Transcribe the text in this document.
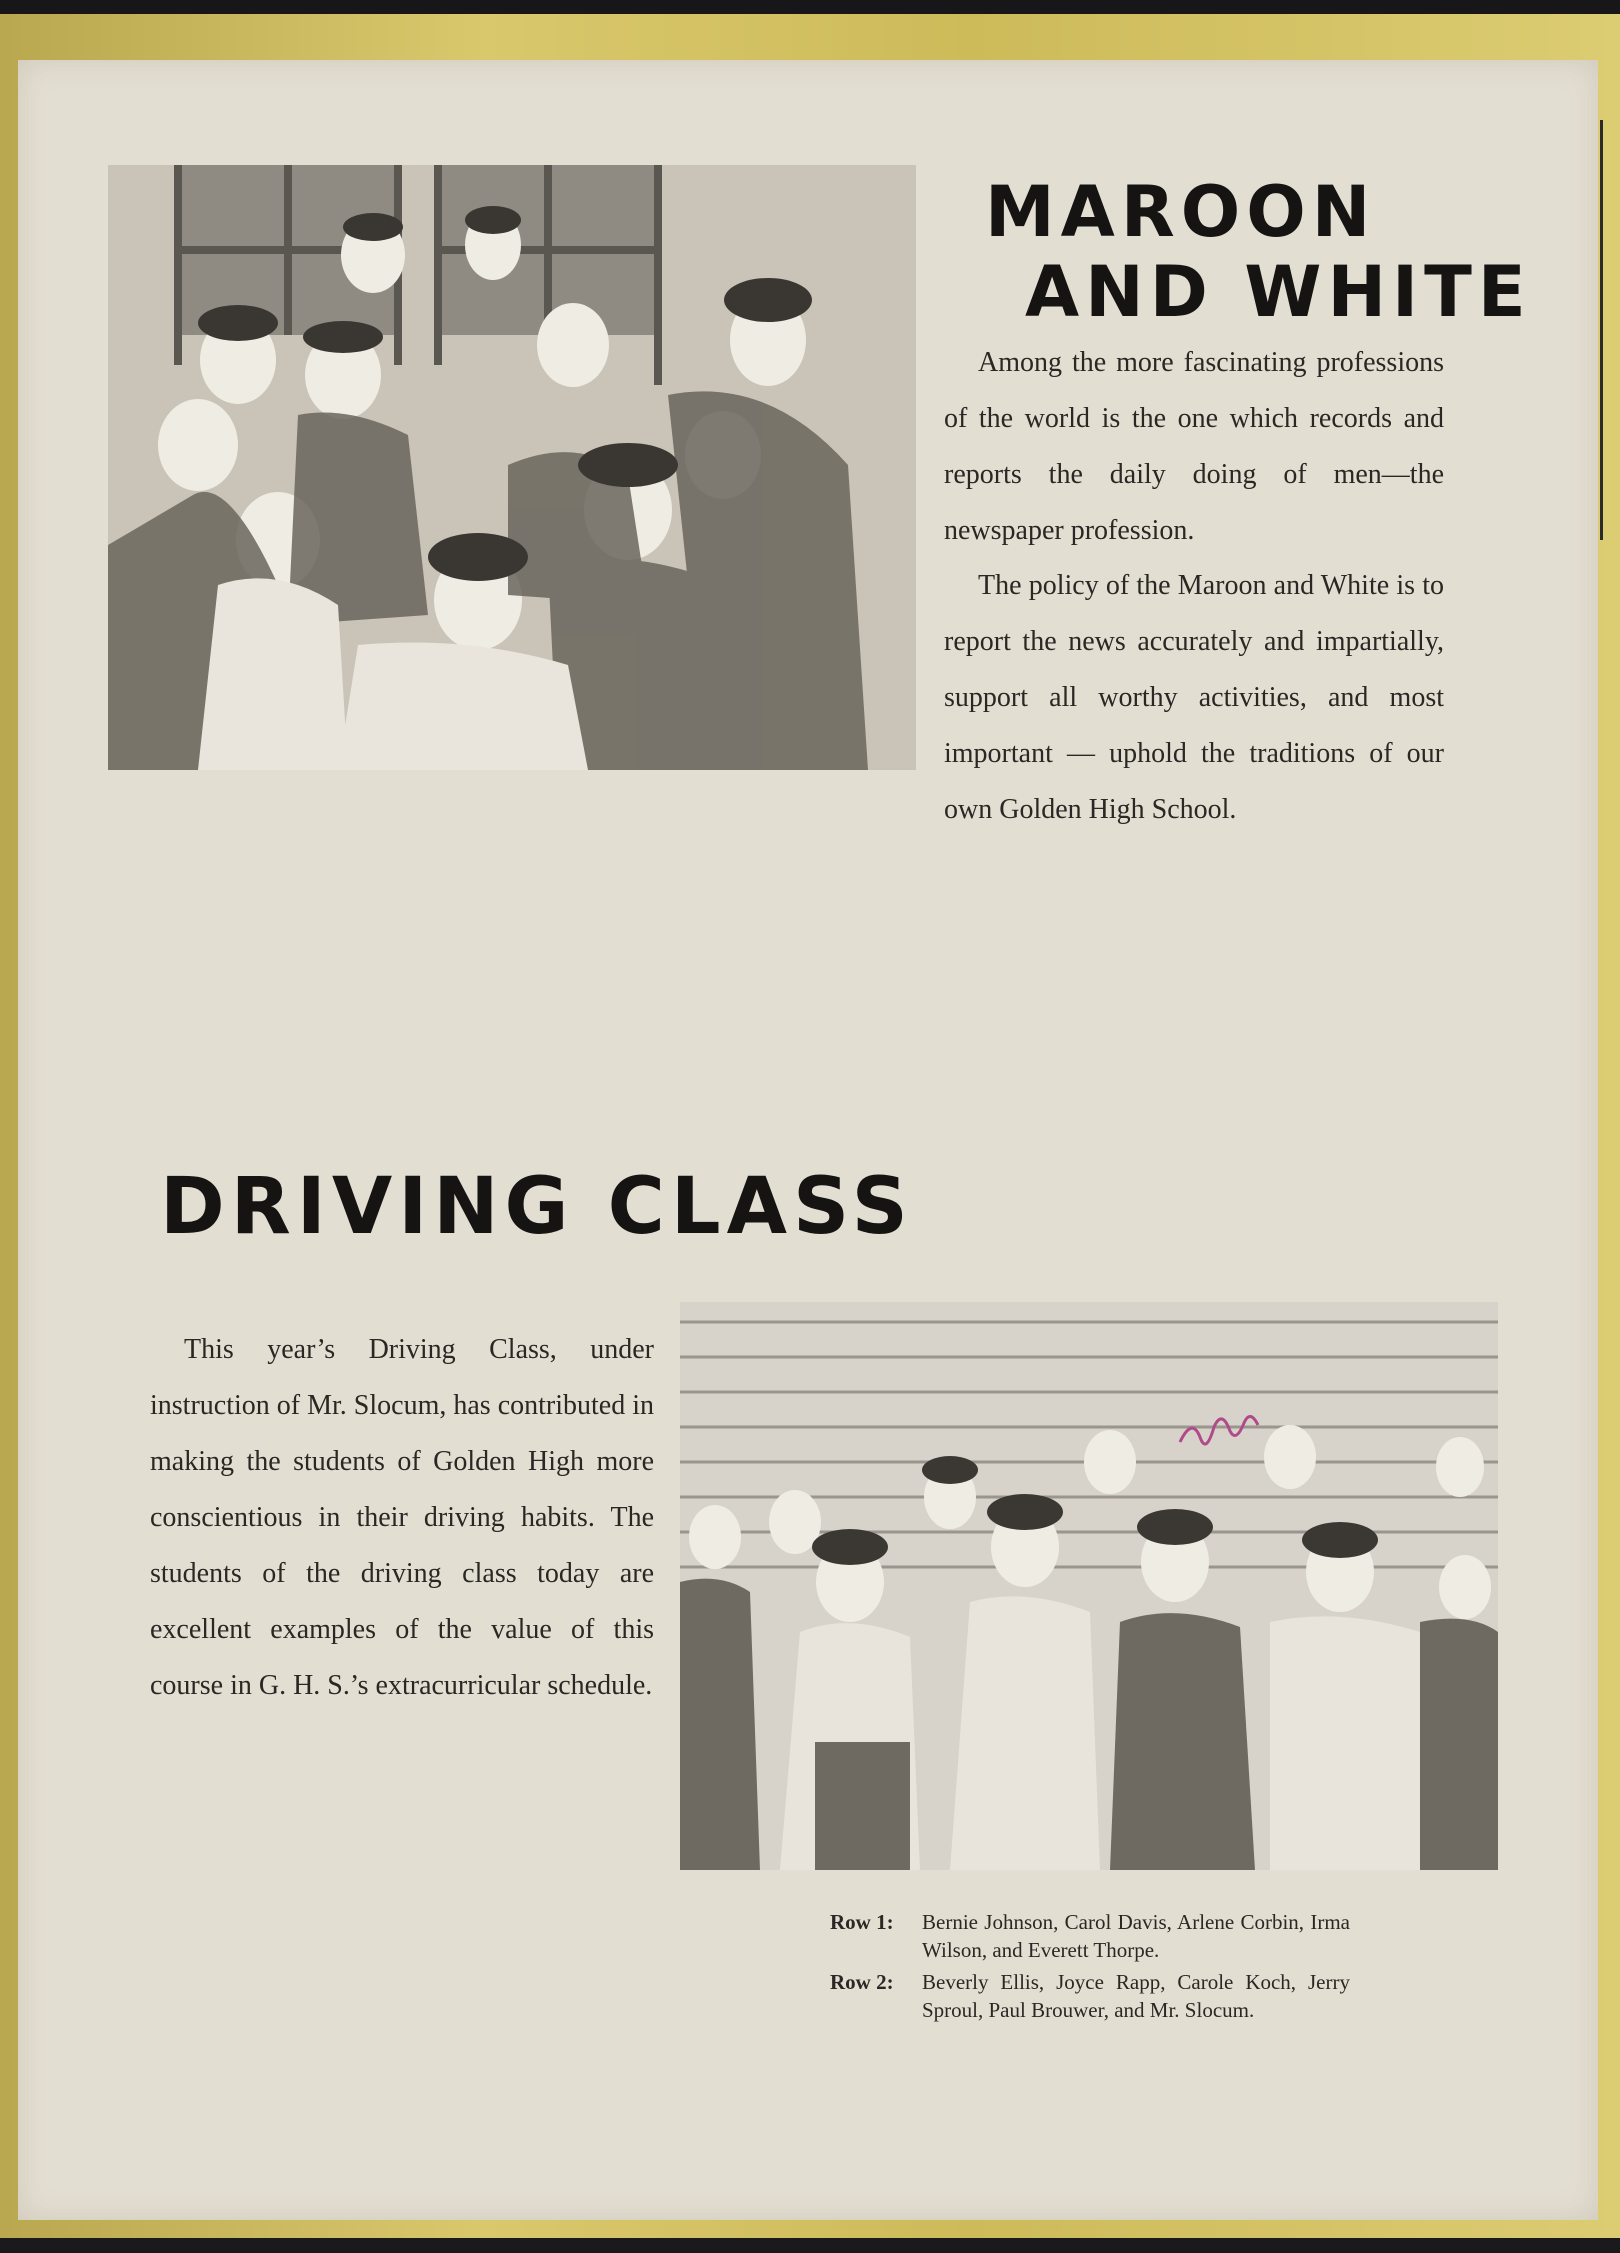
MAROON
AND WHITE

Among the more fascinating professions of the world is the one which records and reports the daily doing of men—the newspaper profession.

The policy of the Maroon and White is to report the news accurately and impartially, support all worthy activities, and most important — uphold the traditions of our own Golden High School.

DRIVING CLASS

This year’s Driving Class, under instruction of Mr. Slocum, has contributed in making the students of Golden High more conscientious in their driving habits. The students of the driving class today are excellent examples of the value of this course in G. H. S.’s extracurricular schedule.

Row 1:	Bernie Johnson, Carol Davis, Arlene Corbin, Irma Wilson, and Everett Thorpe.
Row 2:	Beverly Ellis, Joyce Rapp, Carole Koch, Jerry Sproul, Paul Brouwer, and Mr. Slocum.
